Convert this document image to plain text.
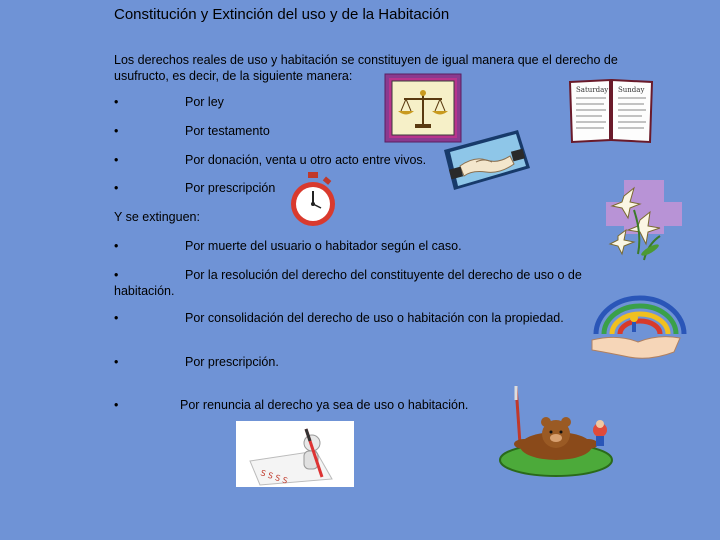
Constitución y Extinción del uso y de la Habitación
Los derechos reales de uso y habitación se constituyen de igual manera que el derecho de usufructo, es decir, de la siguiente manera:
•	Por ley
•	Por testamento
•	Por donación, venta u otro acto entre vivos.
•	Por prescripción
Y se extinguen:
•	Por muerte del usuario o habitador según el caso.
•	Por la resolución del derecho del constituyente del derecho de uso o de
habitación.
•	Por consolidación del derecho de uso o habitación con la propiedad.
•	Por prescripción.
•	Por renuncia al derecho ya sea de uso o habitación.
Saturday Sunday
S S S S
